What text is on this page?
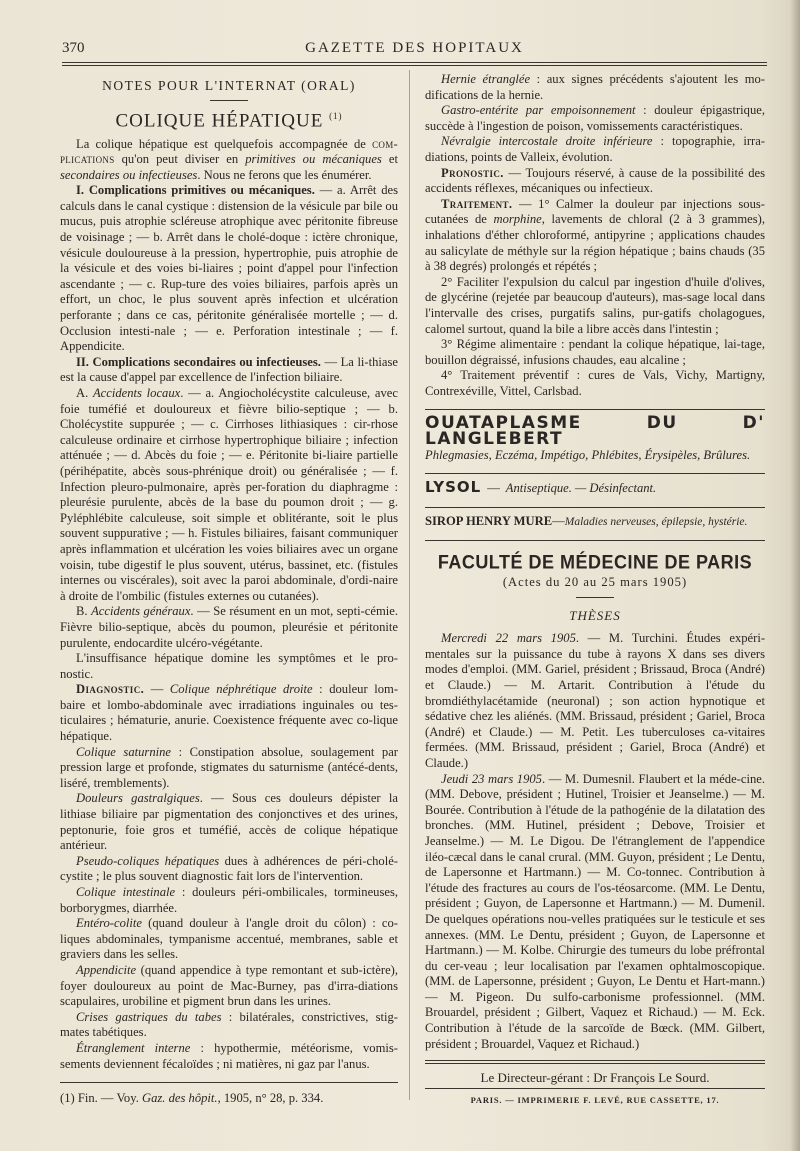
370	GAZETTE DES HOPITAUX
NOTES POUR L'INTERNAT (ORAL)
COLIQUE HÉPATIQUE $^{(1)}$

La colique hépatique est quelquefois accompagnée de com-plications qu'on peut diviser en primitives ou mécaniques et secondaires ou infectieuses. Nous ne ferons que les énumérer.

I. Complications primitives ou mécaniques. — a. Arrêt des calculs dans le canal cystique : distension de la vésicule par bile ou mucus, puis atrophie scléreuse atrophique avec péritonite fibreuse de voisinage ; — b. Arrêt dans le cholé-doque : ictère chronique, vésicule douloureuse à la pression, hypertrophie, puis atrophie de la vésicule et des voies bi-liaires ; point d'appel pour l'infection ascendante ; — c. Rup-ture des voies biliaires, parfois après un effort, un choc, le plus souvent après infection et ulcération perforante ; dans ce cas, péritonite généralisée mortelle ; — d. Occlusion intesti-nale ; — e. Perforation intestinale ; — f. Appendicite.

II. Complications secondaires ou infectieuses. — La li-thiase est la cause d'appel par excellence de l'infection biliaire.

A. Accidents locaux. — a. Angiocholécystite calculeuse, avec foie tuméfié et douloureux et fièvre bilio-septique ; — b. Cholécystite suppurée ; — c. Cirrhoses lithiasiques : cir-rhose calculeuse ordinaire et cirrhose hypertrophique biliaire ; infection atténuée ; — d. Abcès du foie ; — e. Péritonite bi-liaire partielle (périhépatite, abcès sous-phrénique droit) ou généralisée ; — f. Infection pleuro-pulmonaire, après per-foration du diaphragme : pleurésie purulente, abcès de la base du poumon droit ; — g. Pyléphlébite calculeuse, soit simple et oblitérante, soit le plus souvent suppurative ; — h. Fistules biliaires, faisant communiquer après inflammation et ulcération les voies biliaires avec un organe voisin, tube digestif le plus souvent, utérus, bassinet, etc. (fistules internes ou viscérales), soit avec la paroi abdominale, d'ordi-naire à droite de l'ombilic (fistules externes ou cutanées).

B. Accidents généraux. — Se résument en un mot, septi-cémie. Fièvre bilio-septique, abcès du poumon, pleurésie et péritonite purulente, endocardite ulcéro-végétante.

L'insuffisance hépatique domine les symptômes et le pro-nostic.

Diagnostic. — Colique néphrétique droite : douleur lom-baire et lombo-abdominale avec irradiations inguinales ou tes-ticulaires ; hématurie, anurie. Coexistence fréquente avec co-lique hépatique.

Colique saturnine : Constipation absolue, soulagement par pression large et profonde, stigmates du saturnisme (antécé-dents, liséré, tremblements).

Douleurs gastralgiques. — Sous ces douleurs dépister la lithiase biliaire par pigmentation des conjonctives et des urines, peptonurie, foie gros et tuméfié, accès de colique hépatique antérieur.

Pseudo-coliques hépatiques dues à adhérences de péri-cholé-cystite ; le plus souvent diagnostic fait lors de l'intervention.

Colique intestinale : douleurs péri-ombilicales, tormineuses, borborygmes, diarrhée.

Entéro-colite (quand douleur à l'angle droit du côlon) : co-liques abdominales, tympanisme accentué, membranes, sable et graviers dans les selles.

Appendicite (quand appendice à type remontant et sub-ictère), foyer douloureux au point de Mac-Burney, pas d'irra-diations scapulaires, urobiline et pigment brun dans les urines.

Crises gastriques du tabes : bilatérales, constrictives, stig-mates tabétiques.

Étranglement interne : hypothermie, météorisme, vomis-sements deviennent fécaloïdes ; ni matières, ni gaz par l'anus.

(1) Fin. — Voy. Gaz. des hôpit., 1905, n° 28, p. 334.

Hernie étranglée : aux signes précédents s'ajoutent les mo-difications de la hernie.

Gastro-entérite par empoisonnement : douleur épigastrique, succède à l'ingestion de poison, vomissements caractéristiques.

Névralgie intercostale droite inférieure : topographie, irra-diations, points de Valleix, évolution.

Pronostic. — Toujours réservé, à cause de la possibilité des accidents réflexes, mécaniques ou infectieux.

Traitement. — 1° Calmer la douleur par injections sous-cutanées de morphine, lavements de chloral (2 à 3 grammes), inhalations d'éther chloroformé, antipyrine ; applications chaudes au salicylate de méthyle sur la région hépatique ; bains chauds (35 à 38 degrés) prolongés et répétés ;

2° Faciliter l'expulsion du calcul par ingestion d'huile d'olives, de glycérine (rejetée par beaucoup d'auteurs), mas-sage local dans l'intervalle des crises, purgatifs salins, pur-gatifs cholagogues, calomel surtout, quand la bile a libre accès dans l'intestin ;

3° Régime alimentaire : pendant la colique hépatique, lai-tage, bouillon dégraissé, infusions chaudes, eau alcaline ;

4° Traitement préventif : cures de Vals, Vichy, Martigny, Contrexéville, Vittel, Carlsbad.

OUATAPLASME DU D' LANGLEBERT
Phlegmasies, Eczéma, Impétigo, Phlébites, Érysipèles, Brûlures.
LYSOL — Antiseptique. — Désinfectant.
SIROP HENRY MURE—Maladies nerveuses, épilepsie, hystérie.
FACULTÉ DE MÉDECINE DE PARIS
(Actes du 20 au 25 mars 1905)
THÈSES

Mercredi 22 mars 1905. — M. Turchini. Études expéri-mentales sur la puissance du tube à rayons X dans ses divers modes d'emploi. (MM. Gariel, président ; Brissaud, Broca (André) et Claude.) — M. Artarit. Contribution à l'étude du bromdiéthylacétamide (neuronal) ; son action hypnotique et sédative chez les aliénés. (MM. Brissaud, président ; Gariel, Broca (André) et Claude.) — M. Petit. Les tuberculoses ca-vitaires fermées. (MM. Brissaud, président ; Gariel, Broca (André) et Claude.)

Jeudi 23 mars 1905. — M. Dumesnil. Flaubert et la méde-cine. (MM. Debove, président ; Hutinel, Troisier et Jeanselme.) — M. Bourée. Contribution à l'étude de la pathogénie de la dilatation des bronches. (MM. Hutinel, président ; Debove, Troisier et Jeanselme.) — M. Le Digou. De l'étranglement de l'appendice iléo-cæcal dans le canal crural. (MM. Guyon, président ; Le Dentu, de Lapersonne et Hartmann.) — M. Co-tonnec. Contribution à l'étude des fractures au cours de l'os-téosarcome. (MM. Le Dentu, président ; Guyon, de Lapersonne et Hartmann.) — M. Dumenil. De quelques opérations nou-velles pratiquées sur le testicule et ses annexes. (MM. Le Dentu, président ; Guyon, de Lapersonne et Hartmann.) — M. Kolbe. Chirurgie des tumeurs du lobe préfrontal du cer-veau ; leur localisation par l'examen ophtalmoscopique. (MM. de Lapersonne, président ; Guyon, Le Dentu et Hart-mann.) — M. Pigeon. Du sulfo-carbonisme professionnel. (MM. Brouardel, président ; Gilbert, Vaquez et Richaud.) — M. Eck. Contribution à l'étude de la sarcoïde de Bœck. (MM. Gilbert, président ; Brouardel, Vaquez et Richaud.)

Le Directeur-gérant : Dr François Le Sourd.
PARIS. — IMPRIMERIE F. LEVÉ, RUE CASSETTE, 17.
